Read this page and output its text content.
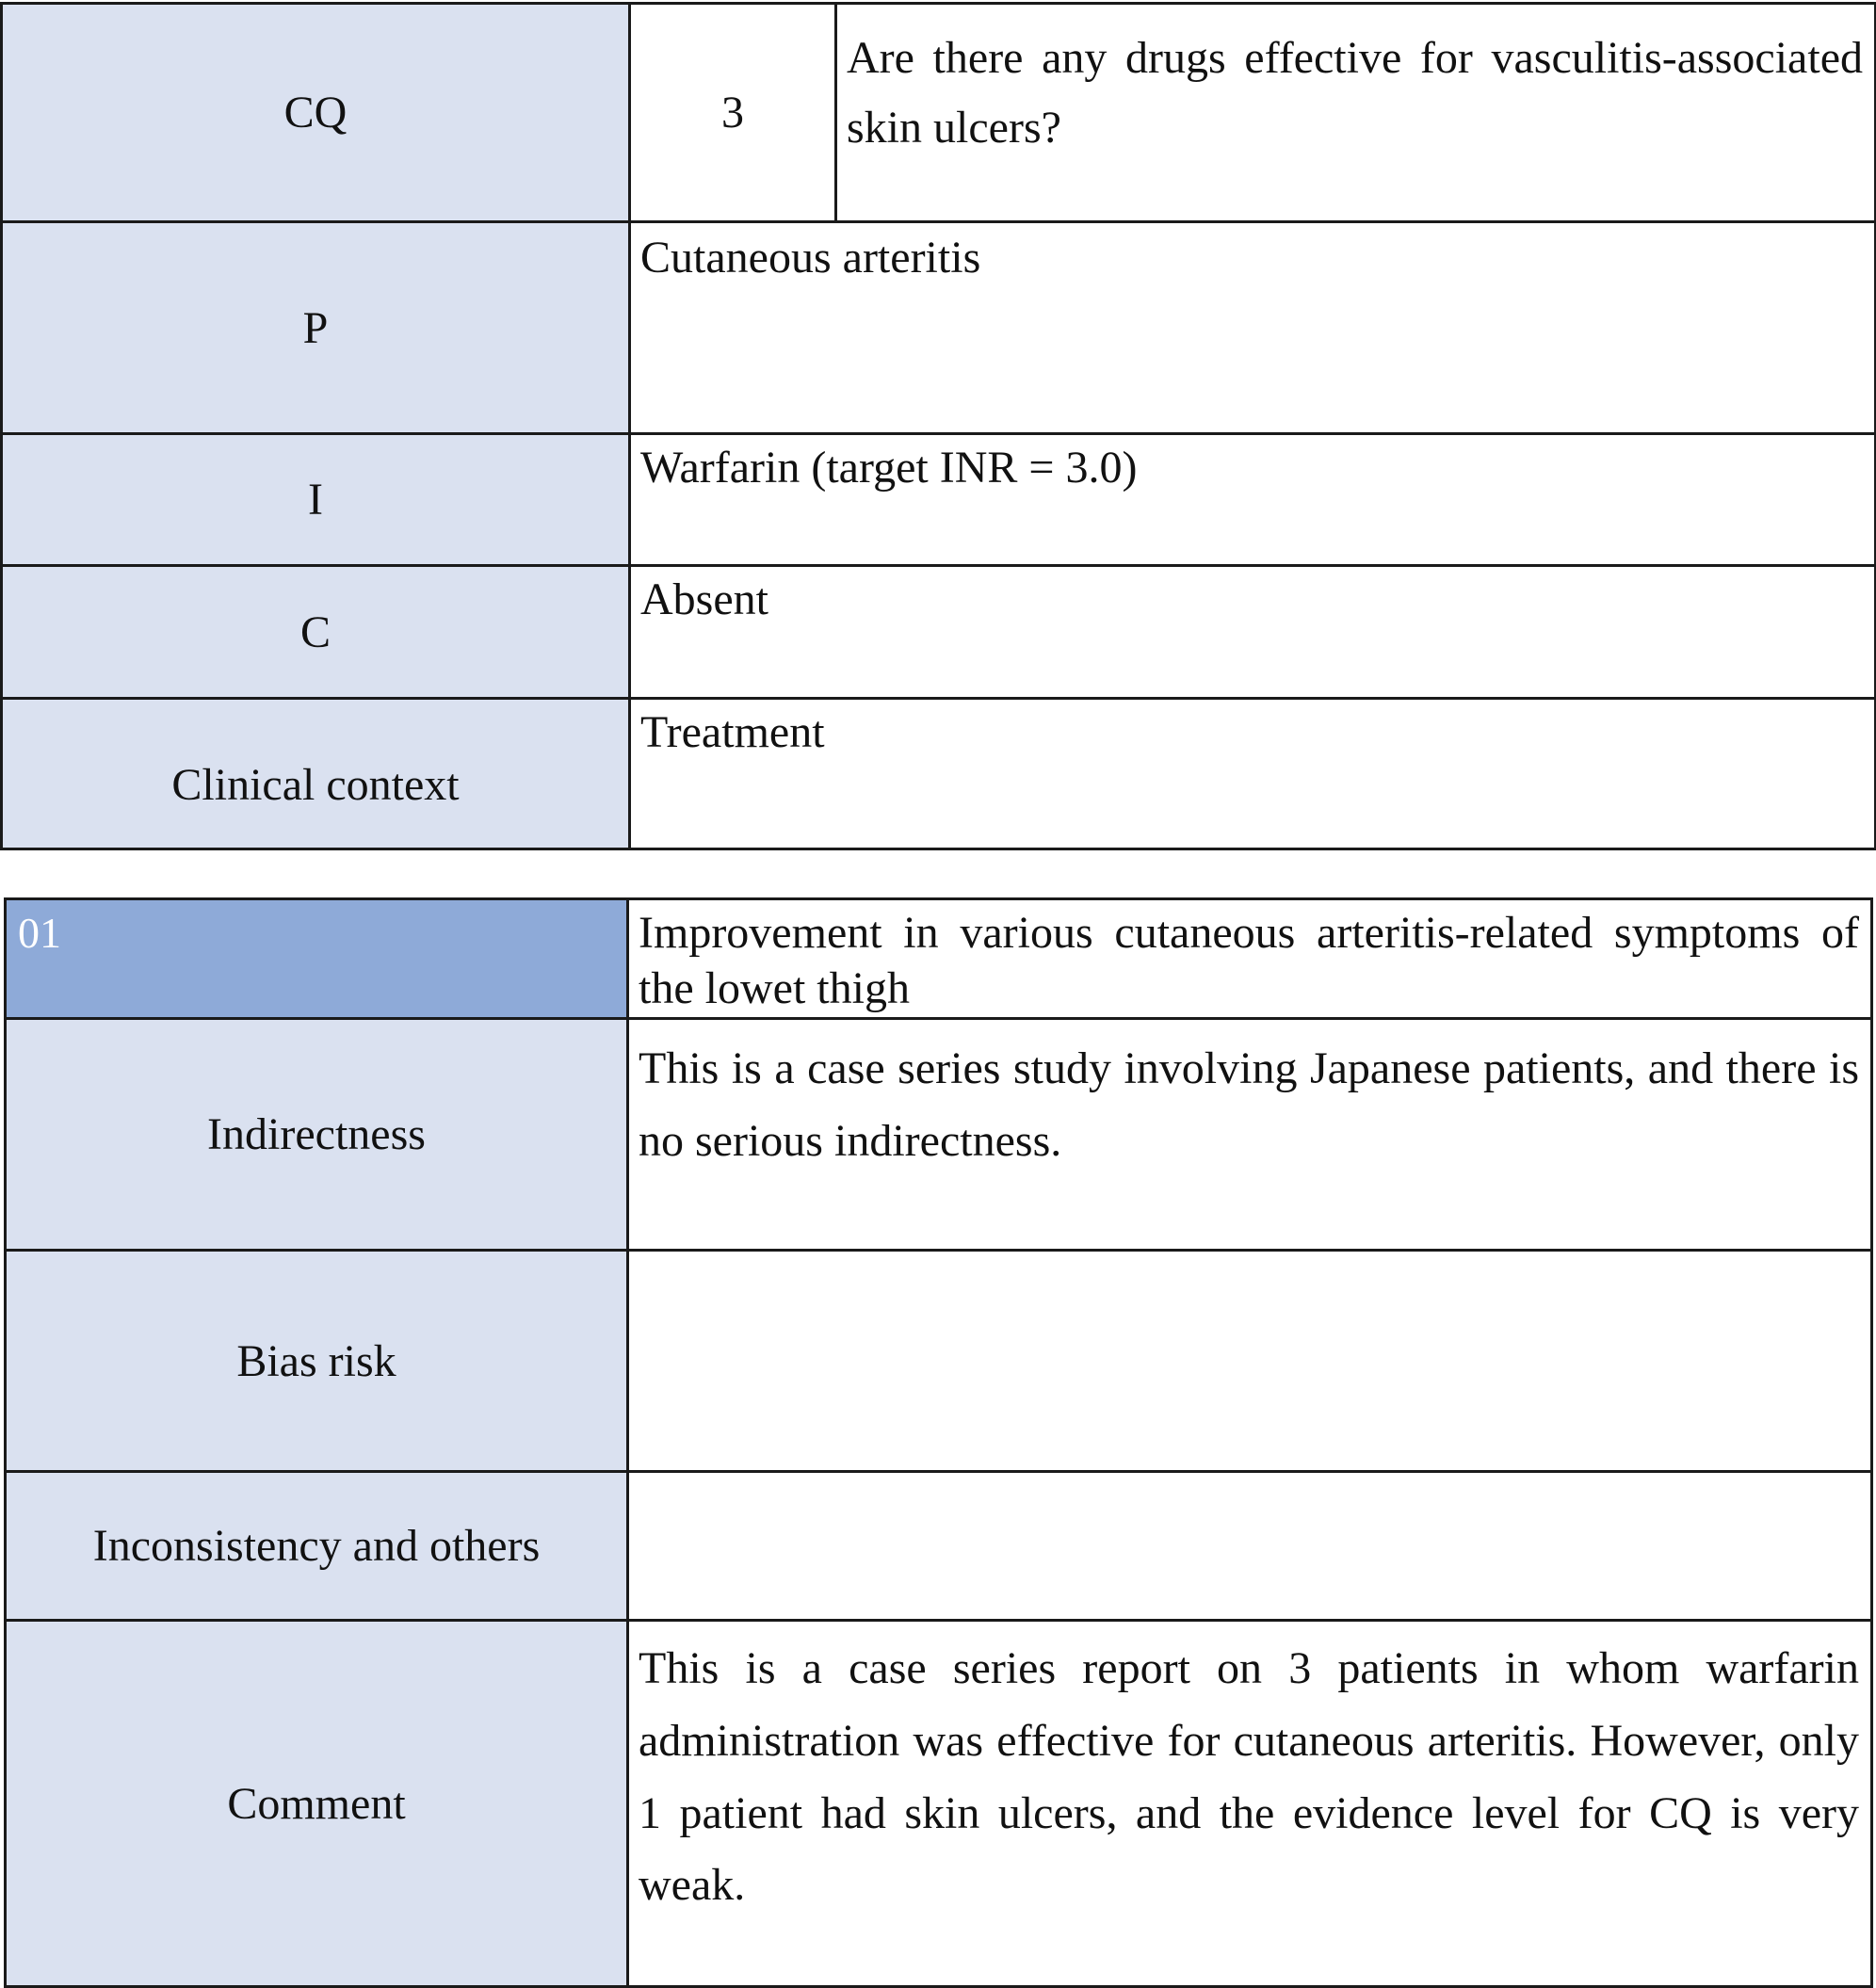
CQ	3	Are there any drugs effective for vasculitis-associated skin ulcers?
P	Cutaneous arteritis	
I	Warfarin (target INR = 3.0)	
C	Absent	
Clinical context	Treatment	
01	Improvement in various cutaneous arteritis-related symptoms of the lowet thigh
Indirectness	This is a case series study involving Japanese patients, and there is no serious indirectness.
Bias risk	
Inconsistency and others	
Comment	This is a case series report on 3 patients in whom warfarin administration was effective for cutaneous arteritis. However, only 1 patient had skin ulcers, and the evidence level for CQ is very weak.
